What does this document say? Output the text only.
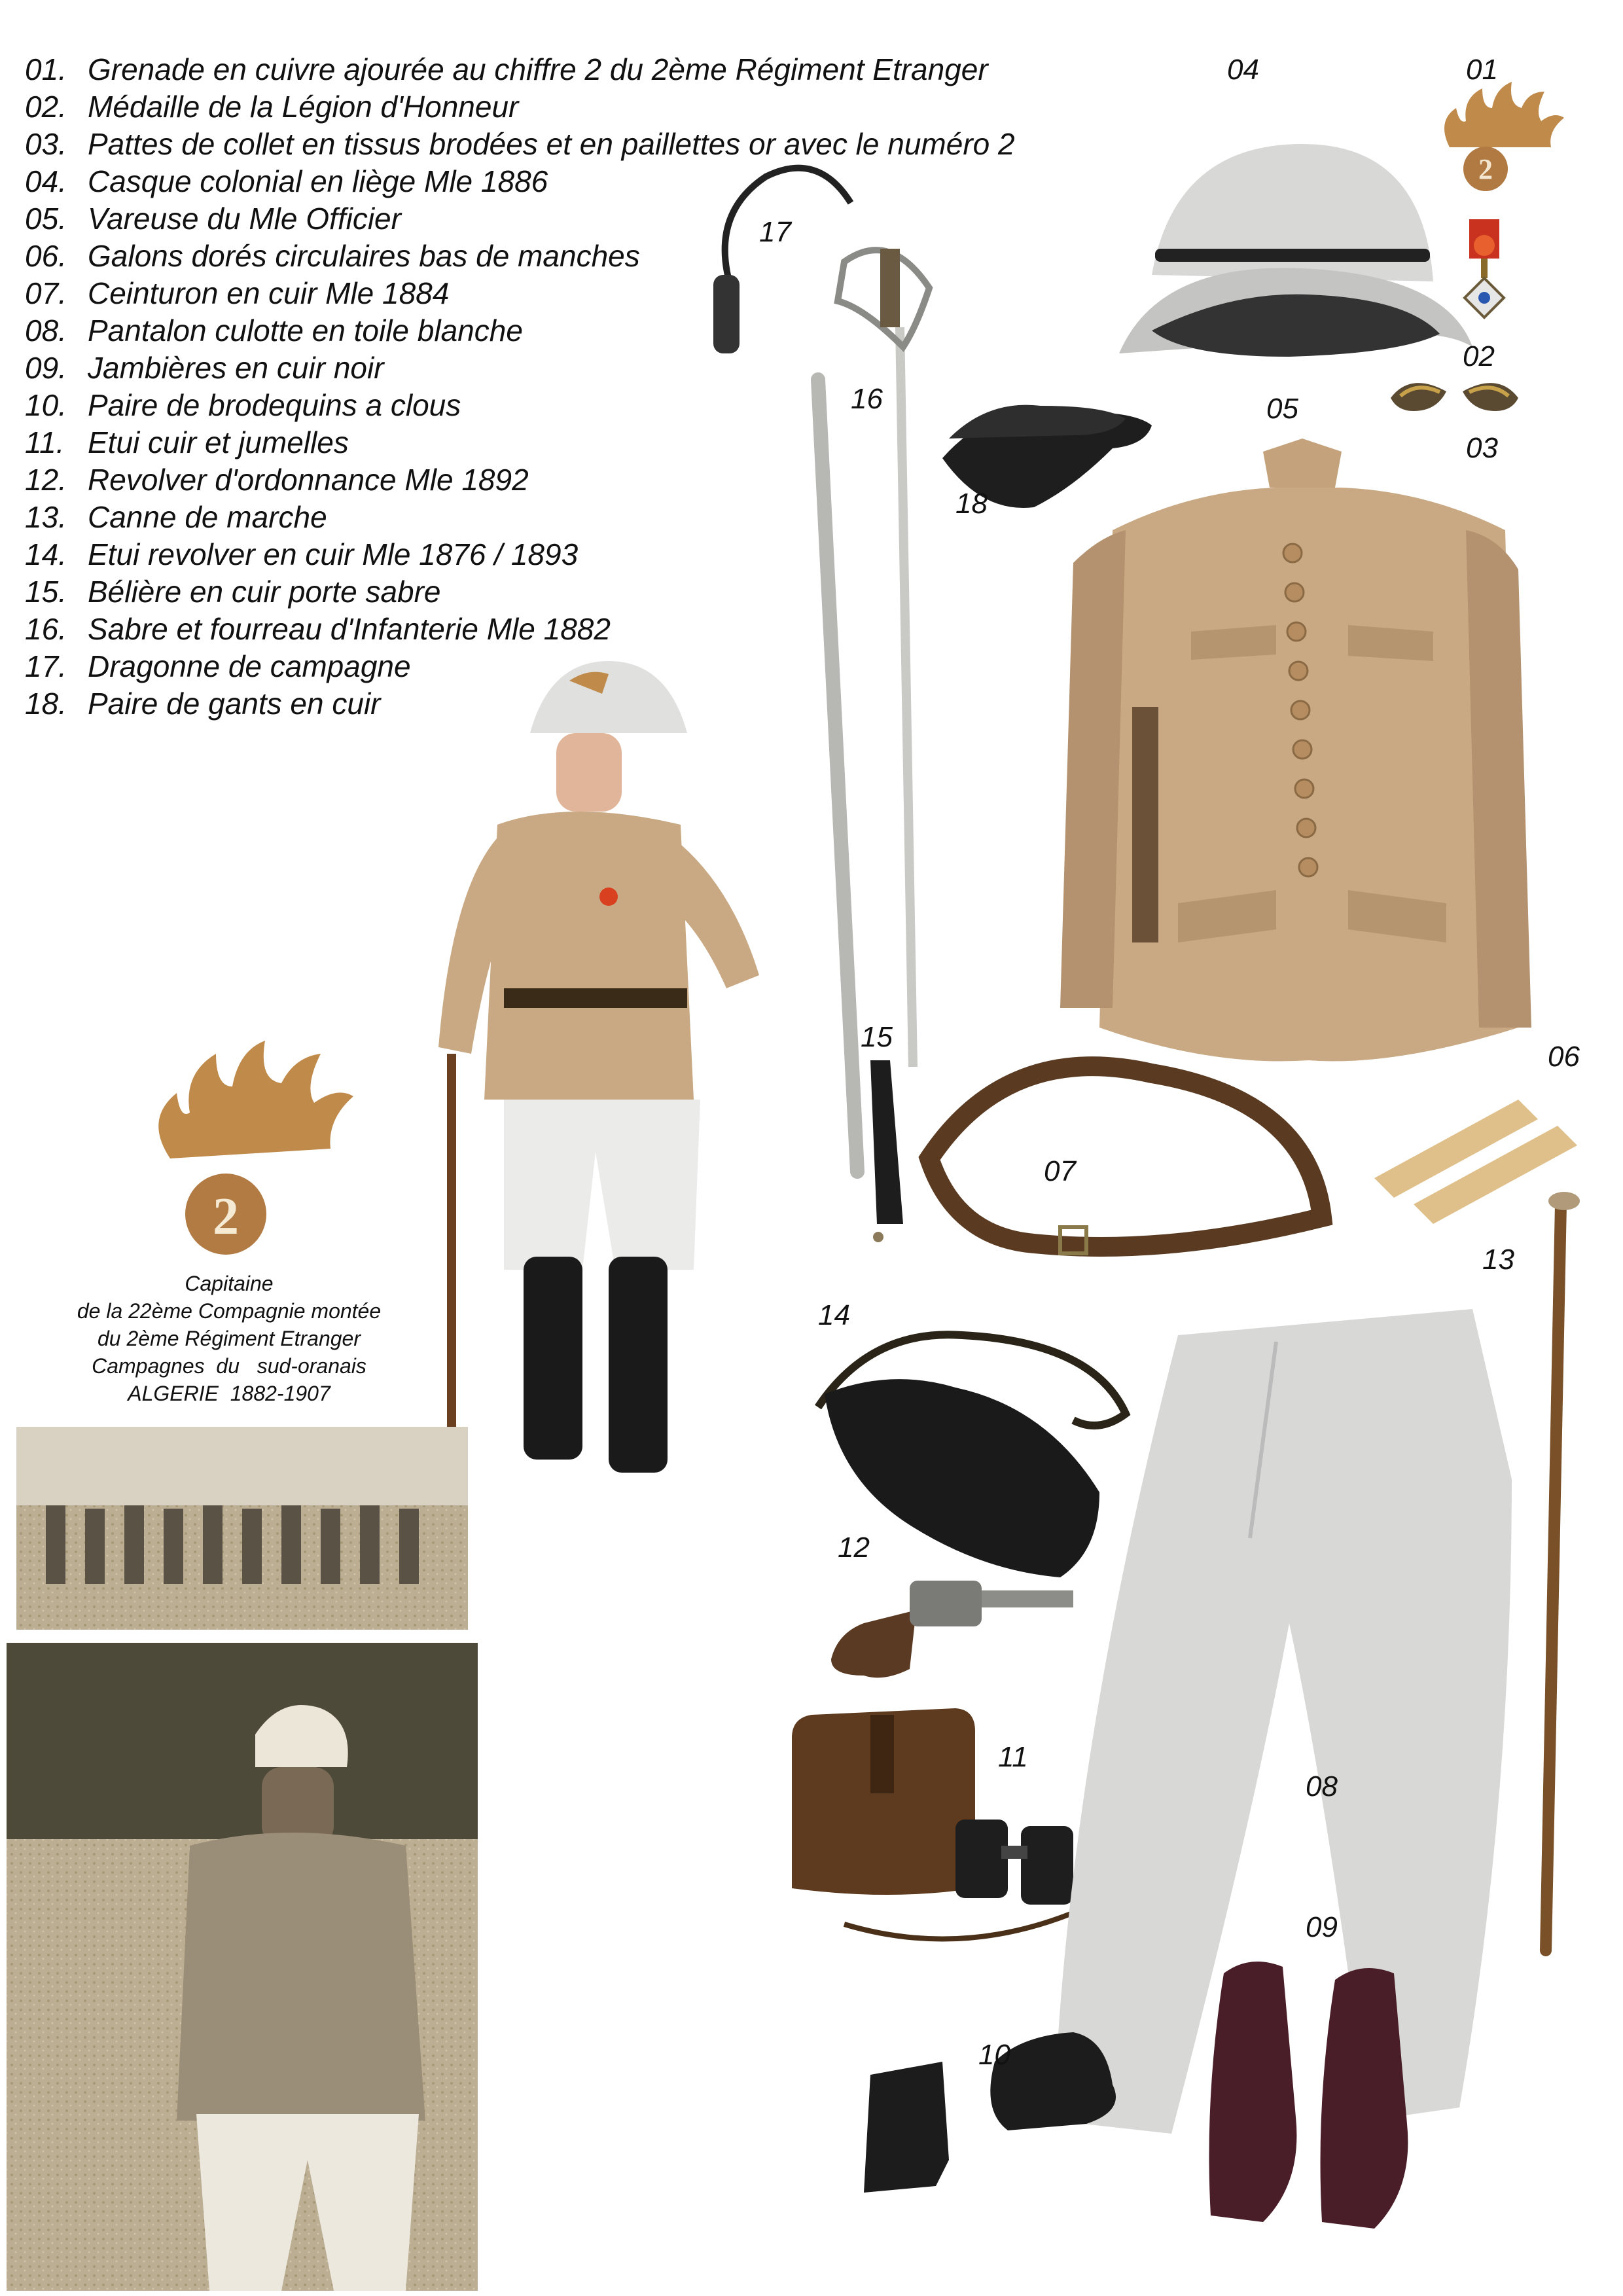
01. Grenade en cuivre ajourée au chiffre 2 du 2ème Régiment Etranger
02. Médaille de la Légion d'Honneur
03. Pattes de collet en tissus brodées et en paillettes or avec le numéro 2
04. Casque colonial en liège Mle 1886
05. Vareuse du Mle Officier
06. Galons dorés circulaires bas de manches
07. Ceinturon en cuir Mle 1884
08. Pantalon culotte en toile blanche
09. Jambières en cuir noir
10. Paire de brodequins a clous
11. Etui cuir et jumelles
12. Revolver d'ordonnance Mle 1892
13. Canne de marche
14. Etui revolver en cuir Mle 1876 / 1893
15. Bélière en cuir porte sabre
16. Sabre et fourreau d'Infanterie Mle 1882
17. Dragonne de campagne
18. Paire de gants en cuir
2
2
01
02
03
04
05
06
07
08
09
10
11
12
13
14
15
16
17
18
Capitaine
de la 22ème Compagnie montée
du 2ème Régiment Etranger
Campagnes  du   sud-oranais
ALGERIE  1882-1907
